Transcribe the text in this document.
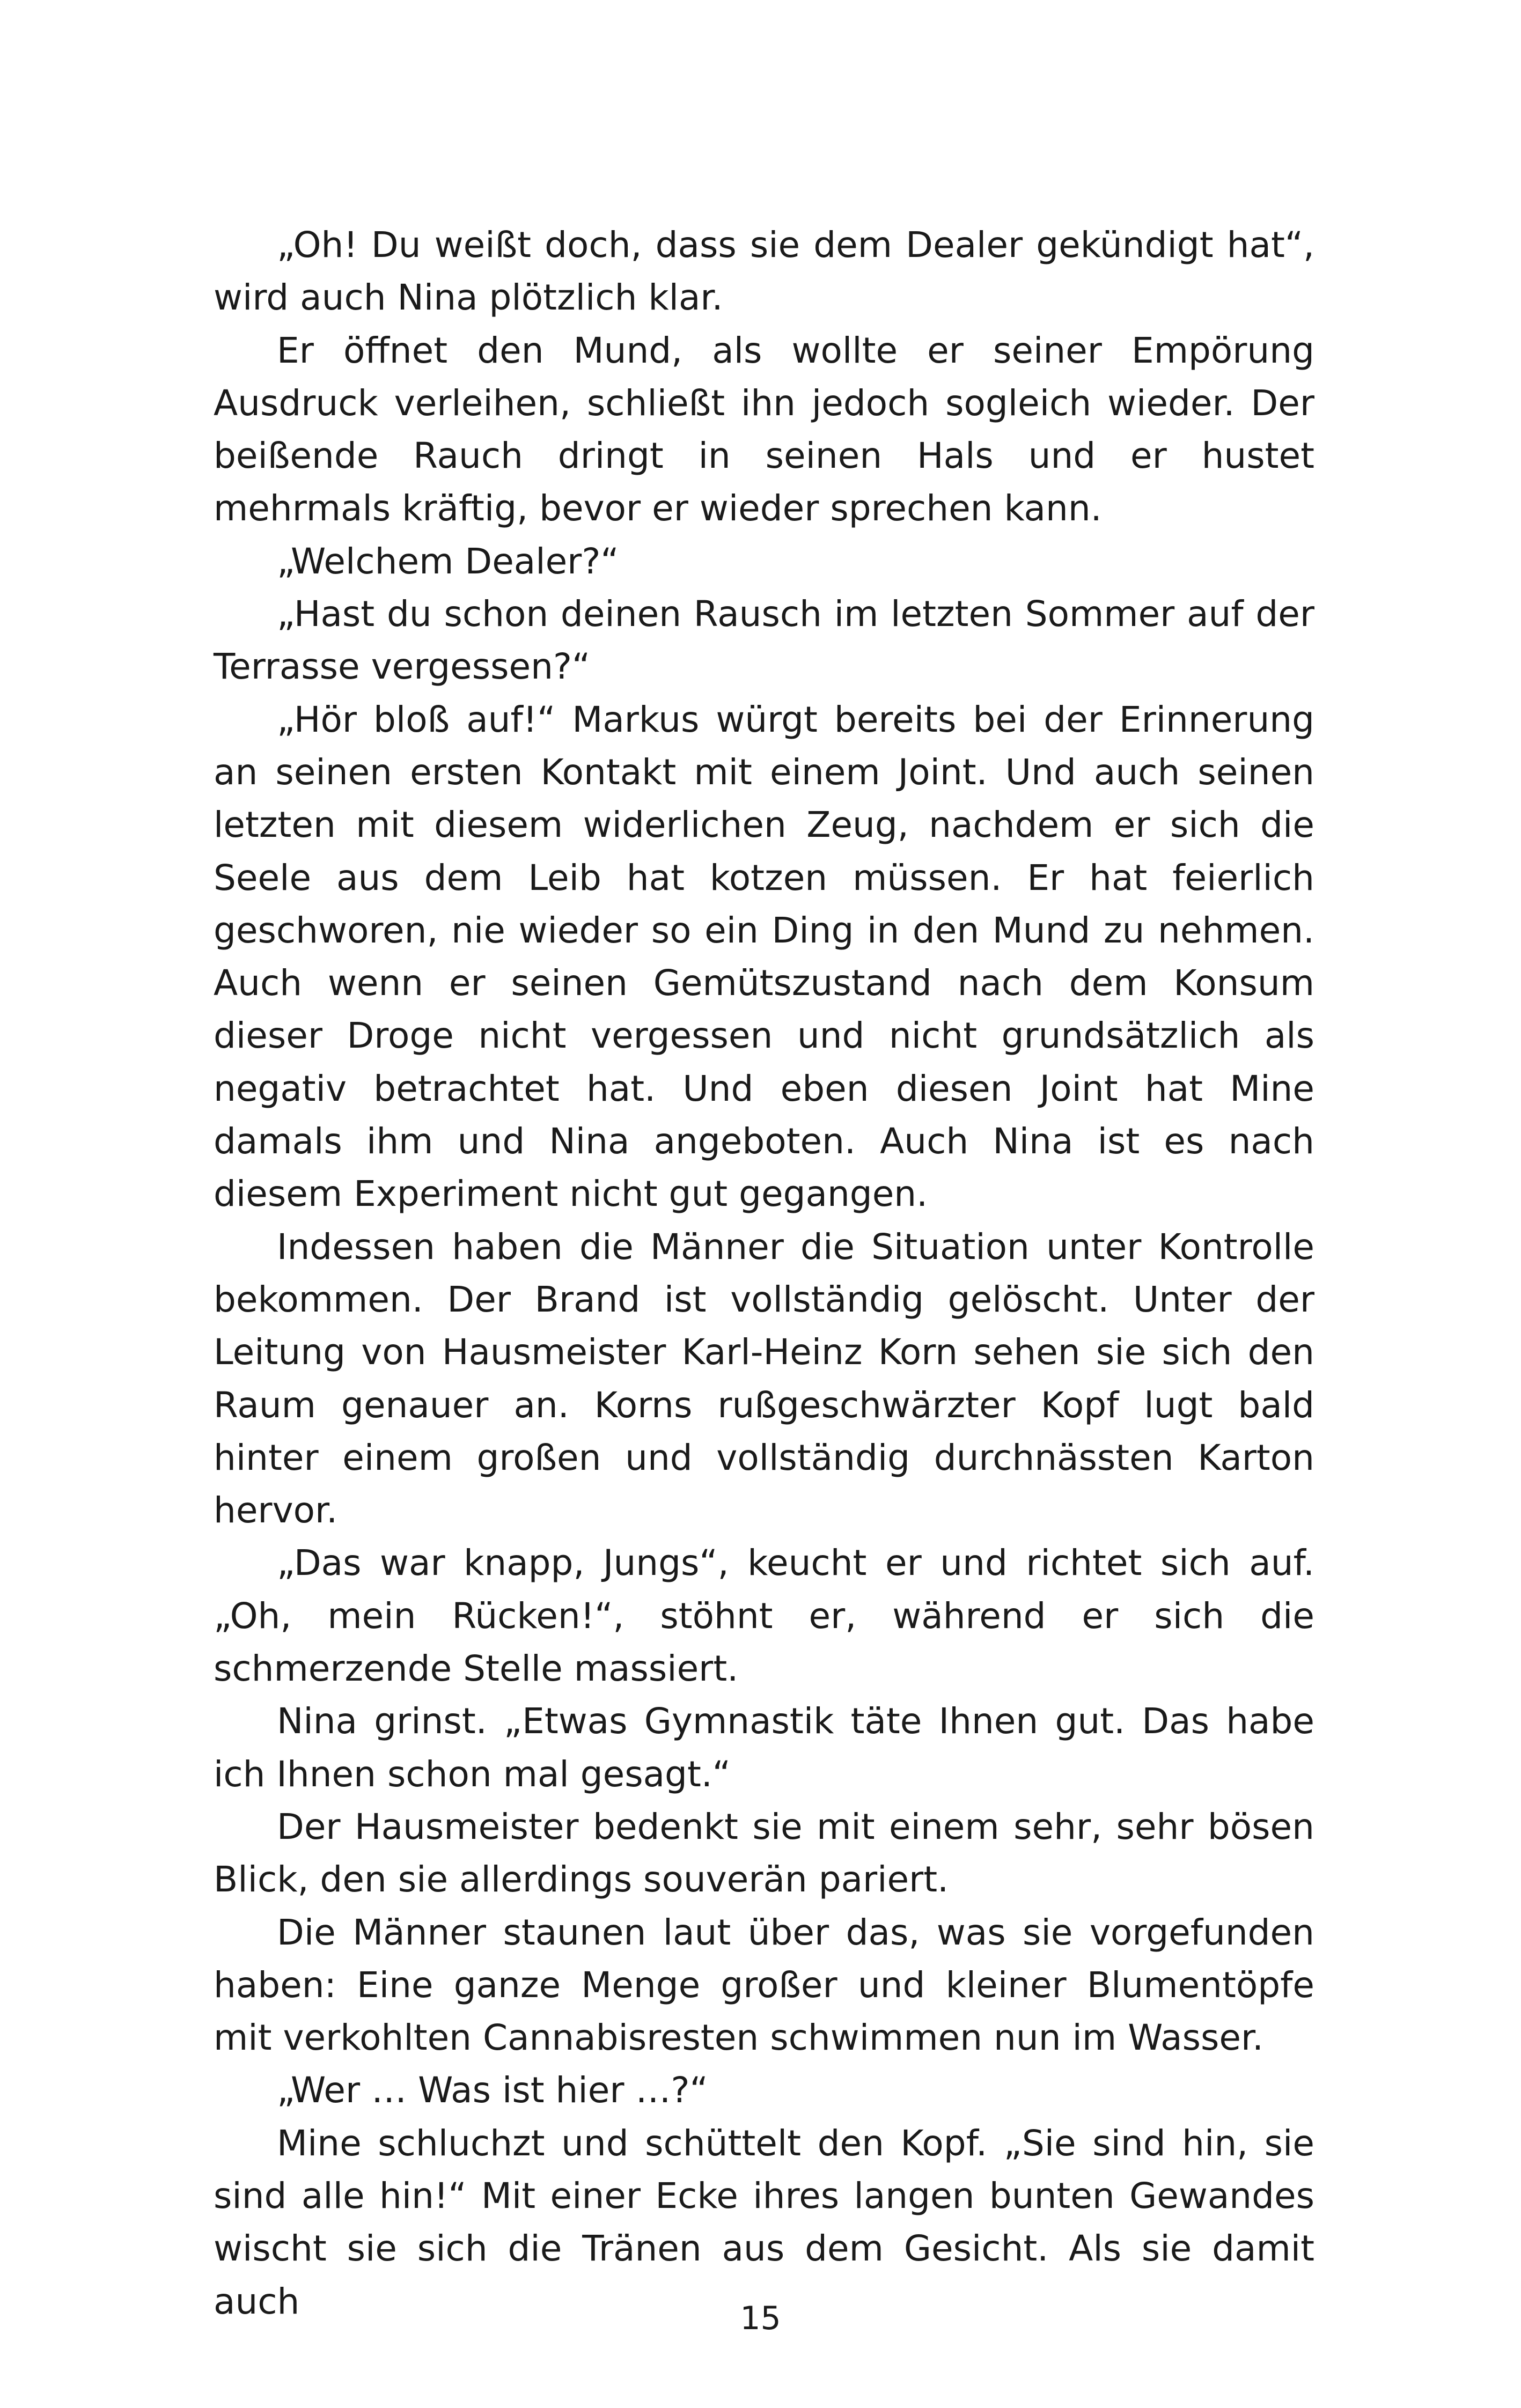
„Oh! Du weißt doch, dass sie dem Dealer gekündigt hat“, wird auch Nina plötzlich klar.

Er öffnet den Mund, als wollte er seiner Empörung Ausdruck verleihen, schließt ihn jedoch sogleich wieder. Der beißende Rauch dringt in seinen Hals und er hustet mehrmals kräftig, bevor er wieder sprechen kann.

„Welchem Dealer?“

„Hast du schon deinen Rausch im letzten Sommer auf der Terrasse vergessen?“

„Hör bloß auf!“ Markus würgt bereits bei der Erinnerung an seinen ersten Kontakt mit einem Joint. Und auch seinen letzten mit diesem widerlichen Zeug, nachdem er sich die Seele aus dem Leib hat kotzen müssen. Er hat feierlich geschworen, nie wieder so ein Ding in den Mund zu nehmen. Auch wenn er seinen Gemütszustand nach dem Konsum dieser Droge nicht vergessen und nicht grundsätzlich als negativ betrachtet hat. Und eben diesen Joint hat Mine damals ihm und Nina angeboten. Auch Nina ist es nach diesem Experiment nicht gut gegangen.

Indessen haben die Männer die Situation unter Kontrolle bekommen. Der Brand ist vollständig gelöscht. Unter der Leitung von Hausmeister Karl-Heinz Korn sehen sie sich den Raum genauer an. Korns rußgeschwärzter Kopf lugt bald hinter einem großen und vollständig durchnässten Karton hervor.

„Das war knapp, Jungs“, keucht er und richtet sich auf. „Oh, mein Rücken!“, stöhnt er, während er sich die schmerzende Stelle massiert.

Nina grinst. „Etwas Gymnastik täte Ihnen gut. Das habe ich Ihnen schon mal gesagt.“

Der Hausmeister bedenkt sie mit einem sehr, sehr bösen Blick, den sie allerdings souverän pariert.

Die Männer staunen laut über das, was sie vorgefunden haben: Eine ganze Menge großer und kleiner Blumentöpfe mit verkohlten Cannabisresten schwimmen nun im Wasser.

„Wer … Was ist hier …?“

Mine schluchzt und schüttelt den Kopf. „Sie sind hin, sie sind alle hin!“ Mit einer Ecke ihres langen bunten Gewandes wischt sie sich die Tränen aus dem Gesicht. Als sie damit auch	15
